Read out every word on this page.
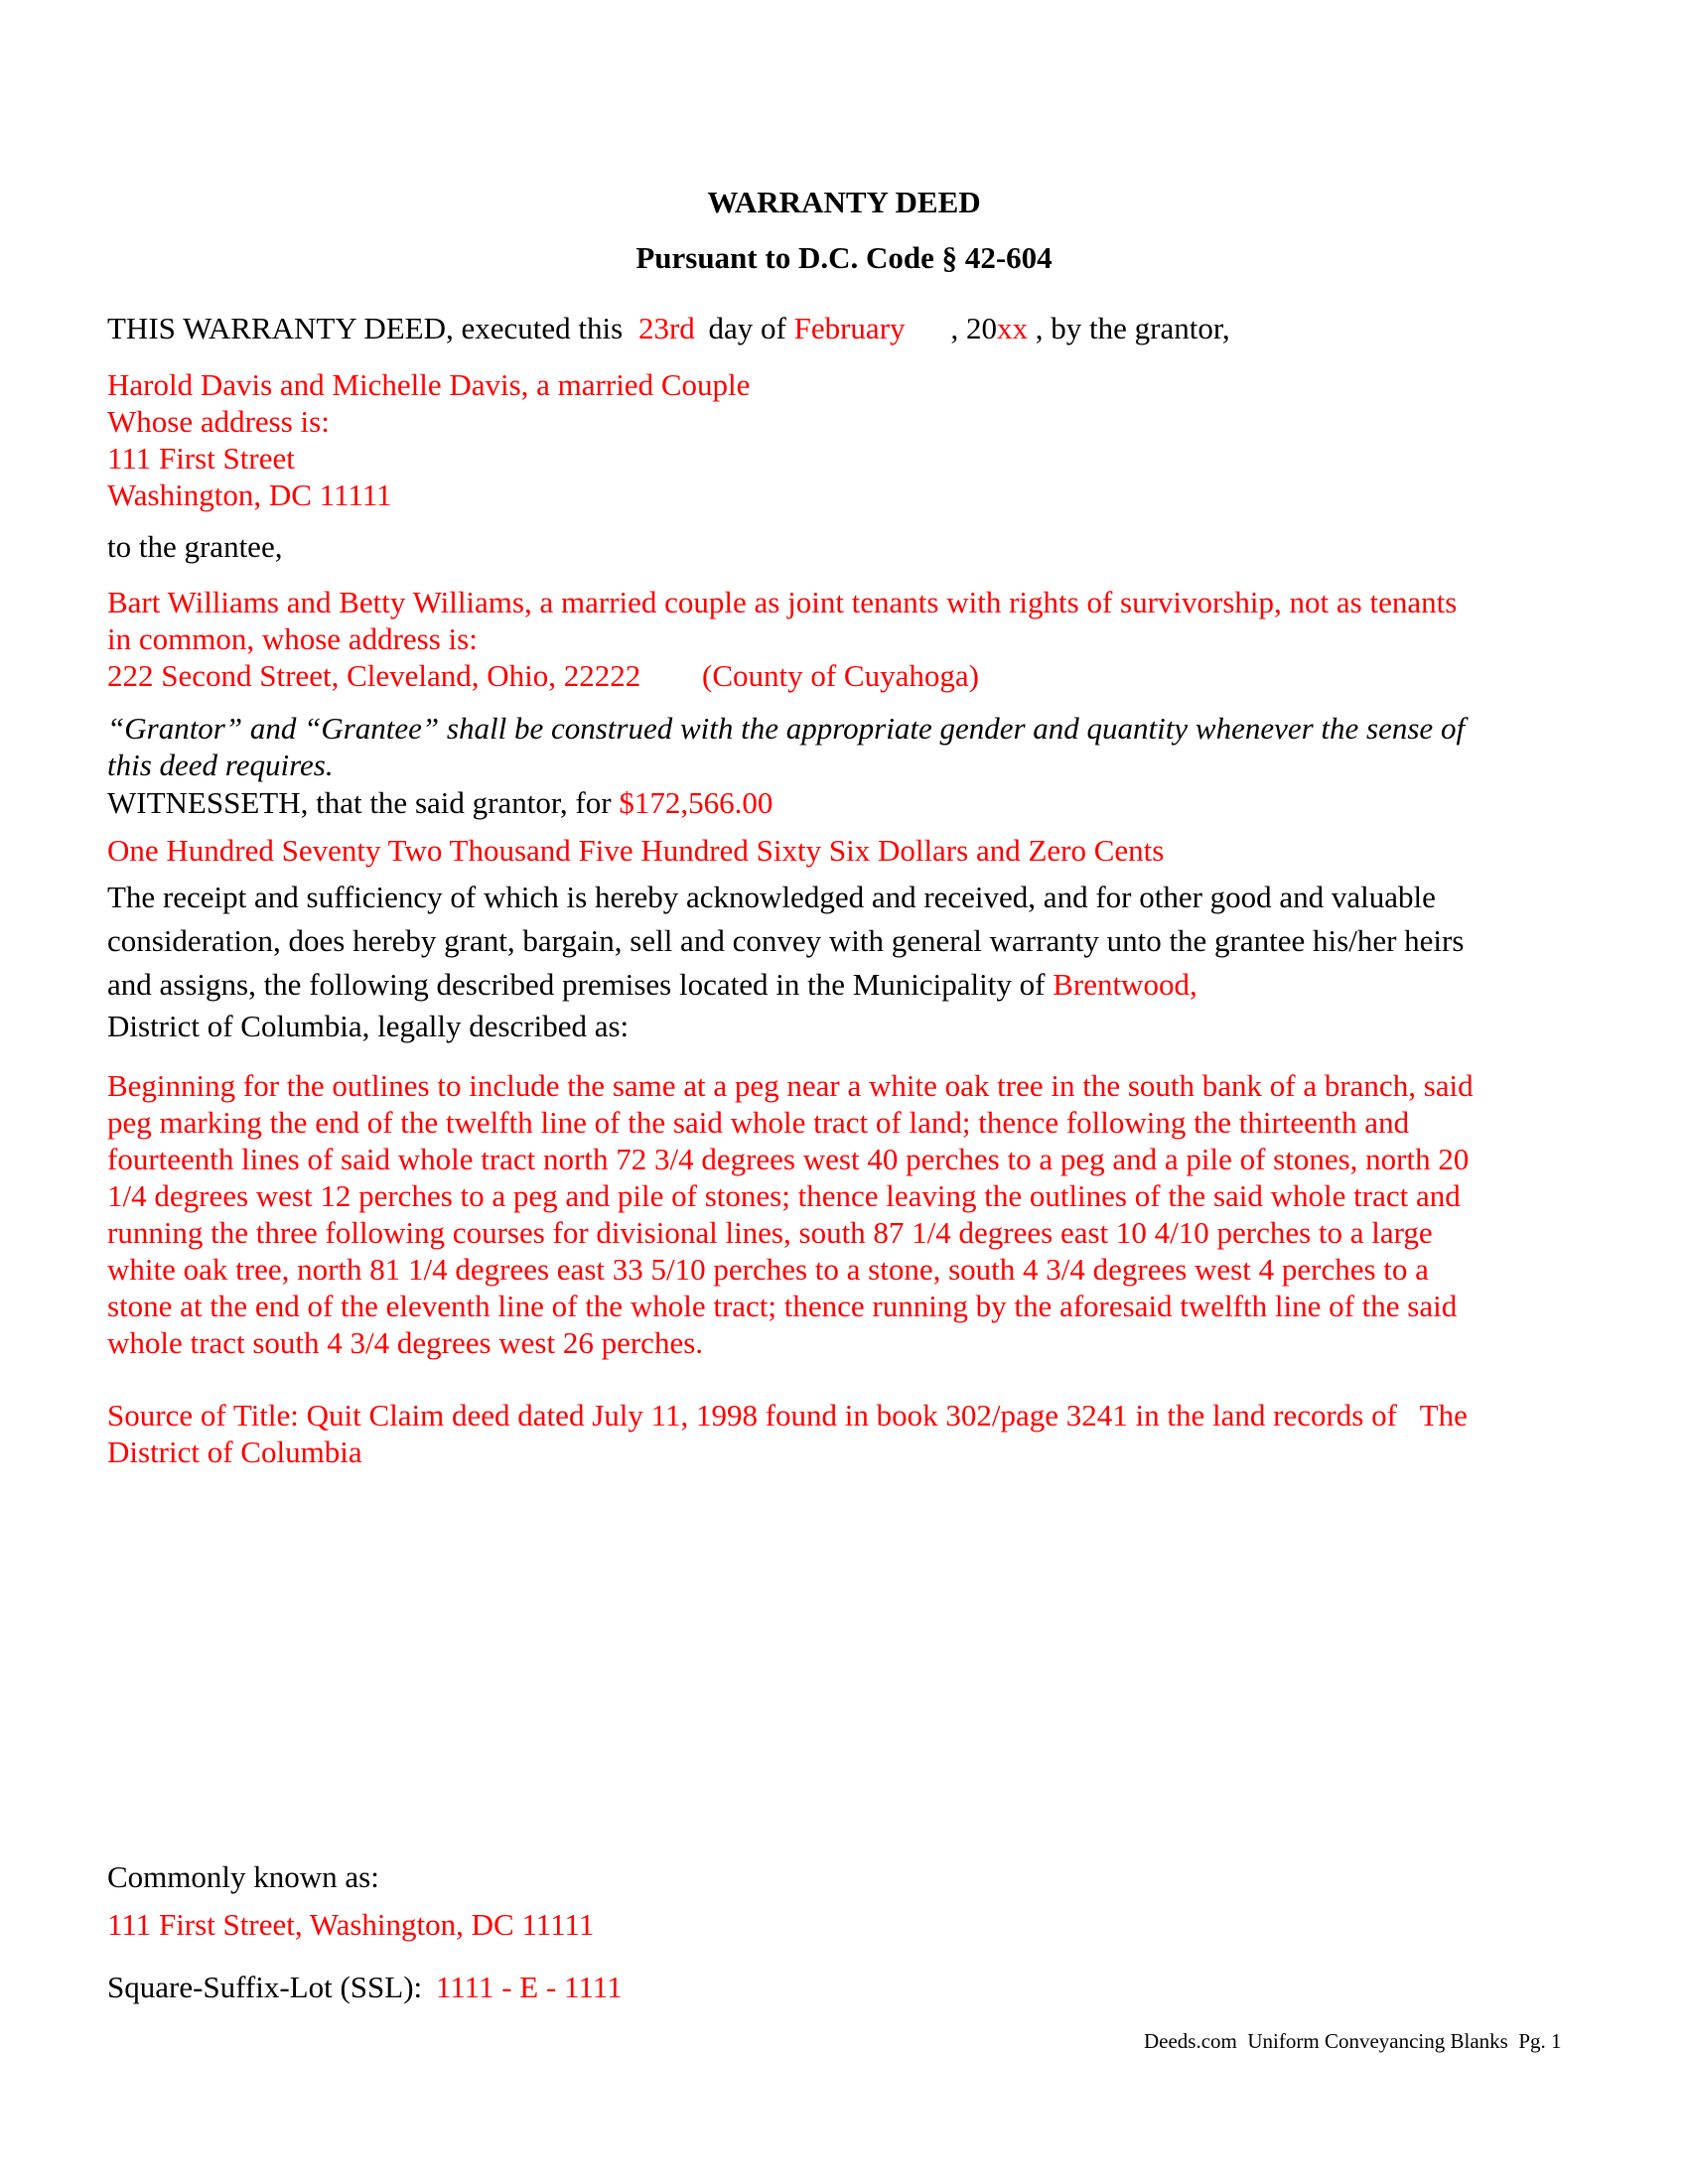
WARRANTY DEED
Pursuant to D.C. Code § 42-604
THIS WARRANTY DEED, executed this 23rd day of February , 20xx , by the grantor,
Harold Davis and Michelle Davis, a married Couple
Whose address is:
111 First Street
Washington, DC 11111
to the grantee,
Bart Williams and Betty Williams, a married couple as joint tenants with rights of survivorship, not as tenants
in common, whose address is:
222 Second Street, Cleveland, Ohio, 22222 (County of Cuyahoga)
“Grantor” and “Grantee” shall be construed with the appropriate gender and quantity whenever the sense of
this deed requires.
WITNESSETH, that the said grantor, for $172,566.00
One Hundred Seventy Two Thousand Five Hundred Sixty Six Dollars and Zero Cents
The receipt and sufficiency of which is hereby acknowledged and received, and for other good and valuable
consideration, does hereby grant, bargain, sell and convey with general warranty unto the grantee his/her heirs
and assigns, the following described premises located in the Municipality of Brentwood,
District of Columbia, legally described as:
Beginning for the outlines to include the same at a peg near a white oak tree in the south bank of a branch, said
peg marking the end of the twelfth line of the said whole tract of land; thence following the thirteenth and
fourteenth lines of said whole tract north 72 3/4 degrees west 40 perches to a peg and a pile of stones, north 20
1/4 degrees west 12 perches to a peg and pile of stones; thence leaving the outlines of the said whole tract and
running the three following courses for divisional lines, south 87 1/4 degrees east 10 4/10 perches to a large
white oak tree, north 81 1/4 degrees east 33 5/10 perches to a stone, south 4 3/4 degrees west 4 perches to a
stone at the end of the eleventh line of the whole tract; thence running by the aforesaid twelfth line of the said
whole tract south 4 3/4 degrees west 26 perches.
Source of Title: Quit Claim deed dated July 11, 1998 found in book 302/page 3241 in the land records of   The
District of Columbia
Commonly known as:
111 First Street, Washington, DC 11111
Square-Suffix-Lot (SSL): 1111 - E - 1111
Deeds.com  Uniform Conveyancing Blanks  Pg. 1
